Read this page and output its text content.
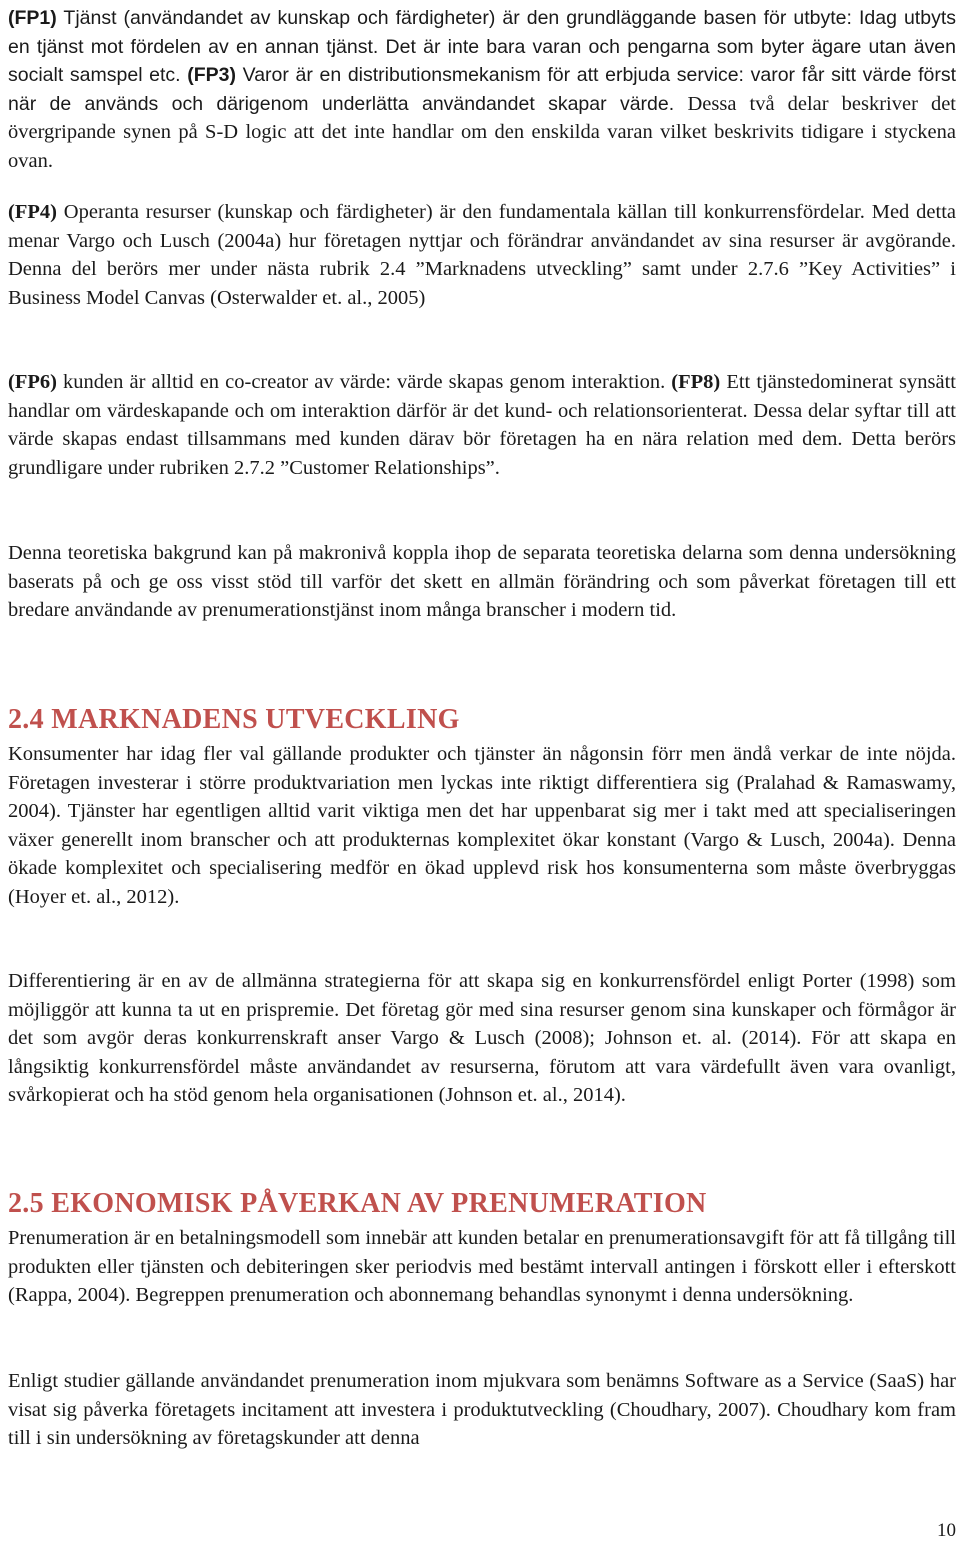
(FP1) Tjänst (användandet av kunskap och färdigheter) är den grundläggande basen för utbyte: Idag utbyts en tjänst mot fördelen av en annan tjänst. Det är inte bara varan och pengarna som byter ägare utan även socialt samspel etc. (FP3) Varor är en distributionsmekanism för att erbjuda service: varor får sitt värde först när de används och därigenom underlätta användandet skapar värde. Dessa två delar beskriver det övergripande synen på S-D logic att det inte handlar om den enskilda varan vilket beskrivits tidigare i styckena ovan.
(FP4) Operanta resurser (kunskap och färdigheter) är den fundamentala källan till konkurrensfördelar. Med detta menar Vargo och Lusch (2004a) hur företagen nyttjar och förändrar användandet av sina resurser är avgörande. Denna del berörs mer under nästa rubrik 2.4 ”Marknadens utveckling” samt under 2.7.6 ”Key Activities” i Business Model Canvas (Osterwalder et. al., 2005)
(FP6) kunden är alltid en co-creator av värde: värde skapas genom interaktion. (FP8) Ett tjänstedominerat synsätt handlar om värdeskapande och om interaktion därför är det kund- och relationsorienterat. Dessa delar syftar till att värde skapas endast tillsammans med kunden därav bör företagen ha en nära relation med dem. Detta berörs grundligare under rubriken 2.7.2 ”Customer Relationships”.
Denna teoretiska bakgrund kan på makronivå koppla ihop de separata teoretiska delarna som denna undersökning baserats på och ge oss visst stöd till varför det skett en allmän förändring och som påverkat företagen till ett bredare användande av prenumerationstjänst inom många branscher i modern tid.
2.4 MARKNADENS UTVECKLING
Konsumenter har idag fler val gällande produkter och tjänster än någonsin förr men ändå verkar de inte nöjda. Företagen investerar i större produktvariation men lyckas inte riktigt differentiera sig (Pralahad & Ramaswamy, 2004). Tjänster har egentligen alltid varit viktiga men det har uppenbarat sig mer i takt med att specialiseringen växer generellt inom branscher och att produkternas komplexitet ökar konstant (Vargo & Lusch, 2004a). Denna ökade komplexitet och specialisering medför en ökad upplevd risk hos konsumenterna som måste överbryggas (Hoyer et. al., 2012).
Differentiering är en av de allmänna strategierna för att skapa sig en konkurrensfördel enligt Porter (1998) som möjliggör att kunna ta ut en prispremie. Det företag gör med sina resurser genom sina kunskaper och förmågor är det som avgör deras konkurrenskraft anser Vargo & Lusch (2008); Johnson et. al. (2014). För att skapa en långsiktig konkurrensfördel måste användandet av resurserna, förutom att vara värdefullt även vara ovanligt, svårkopierat och ha stöd genom hela organisationen (Johnson et. al., 2014).
2.5 EKONOMISK PÅVERKAN AV PRENUMERATION
Prenumeration är en betalningsmodell som innebär att kunden betalar en prenumerationsavgift för att få tillgång till produkten eller tjänsten och debiteringen sker periodvis med bestämt intervall antingen i förskott eller i efterskott (Rappa, 2004). Begreppen prenumeration och abonnemang behandlas synonymt i denna undersökning.
Enligt studier gällande användandet prenumeration inom mjukvara som benämns Software as a Service (SaaS) har visat sig påverka företagets incitament att investera i produktutveckling (Choudhary, 2007). Choudhary kom fram till i sin undersökning av företagskunder att denna
10
